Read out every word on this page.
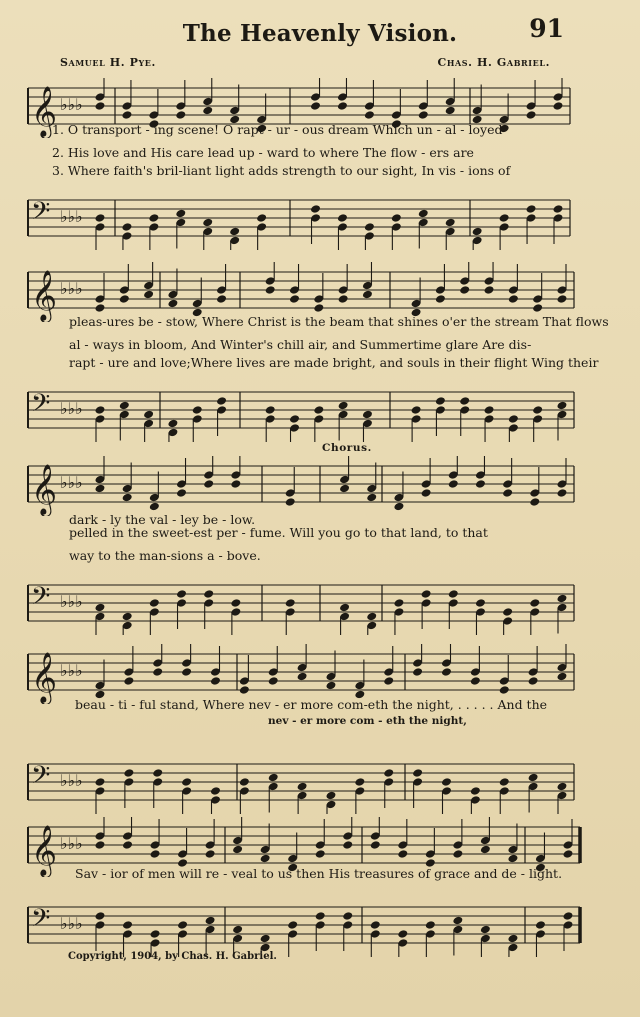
The Heavenly Vision.	91
Samuel H. Pye.	Chas. H. Gabriel.
𝄞 ♭♭♭
𝄢 ♭♭♭
1. O transport - ing scene! O rapt - ur - ous dream Which un - al - loyed
2. His love and His care lead up - ward to where The flow - ers are
3. Where faith's bril-liant light adds strength to our sight, In vis - ions of
𝄞 ♭♭♭
𝄢 ♭♭♭
pleas-ures be - stow, Where Christ is the beam that shines o'er the stream That flows
al - ways in bloom, And Winter's chill air, and Summertime glare Are dis-
rapt - ure and love;Where lives are made bright, and souls in their flight Wing their
Chorus.
𝄞 ♭♭♭
𝄢 ♭♭♭
dark - ly the val - ley be - low.
pelled in the sweet-est per - fume. Will you go to that land, to that
way to the man-sions a - bove.
𝄞 ♭♭♭
𝄢 ♭♭♭
beau - ti - ful stand, Where nev - er more com-eth the night, . . . . . And the
nev - er more com - eth the night,
𝄞 ♭♭♭
𝄢 ♭♭♭
Sav - ior of men will re - veal to us then His treasures of grace and de - light.
Copyright, 1904, by Chas. H. Gabriel.
